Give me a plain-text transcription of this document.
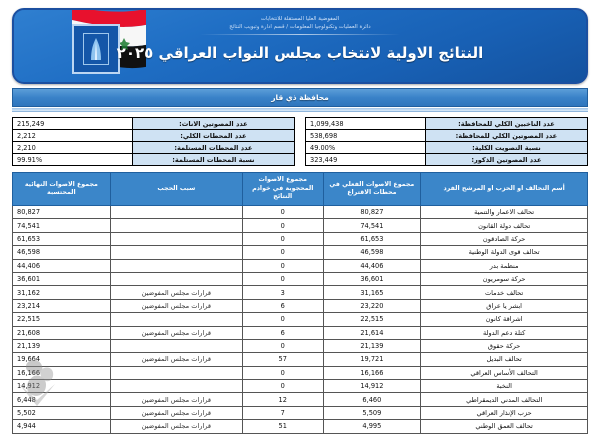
المفوضية العليا المستقلة للانتخابات
دائرة العمليات وتكنولوجيا المعلومات / قسم ادارة وتبويب النتائج
النتائج الاولية لانتخاب مجلس النواب العراقي ٢٠٢٥
محافظة ذي قار
عدد الناخبين الكلي للمحافظة:	1,099,438
عدد المصوتين الكلي للمحافظة:	538,698
نسبة التصويت الكلية:	49.00%
عدد المصوتين الذكور:	323,449
عدد المصوتين الاناث:	215,249
عدد المحطات الكلي:	2,212
عدد المحطات المستلمة:	2,210
نسبة المحطات المستلمة:	99.91%
أسم التحالف او الحزب او المرشح الفرد	مجموع الاصوات الفعلي في محطات الاقتراع	مجموع الاصوات المحجوبة في خوادم النتائج	سبب الحجب	مجموع الاصوات النهائية المحتسبة
تحالف الاعمار والتنمية	80,827	0		80,827
تحالف دولة القانون	74,541	0		74,541
حركة الصادقون	61,653	0		61,653
تحالف قوى الدولة الوطنية	46,598	0		46,598
منظمة بدر	44,406	0		44,406
حركة سومريون	36,601	0		36,601
تحالف خدمات	31,165	3	قرارات مجلس المفوضين	31,162
ابشر يا عراق	23,220	6	قرارات مجلس المفوضين	23,214
اشراقة كانون	22,515	0		22,515
كتلة دعم الدولة	21,614	6	قرارات مجلس المفوضين	21,608
حركة حقوق	21,139	0		21,139
تحالف البديل	19,721	57	قرارات مجلس المفوضين	19,664
التحالف الأساس العراقي	16,166	0		16,166
النخبة	14,912	0		14,912
التحالف المدني الديمقراطي	6,460	12	قرارات مجلس المفوضين	6,448
حزب الإنذار العراقي	5,509	7	قرارات مجلس المفوضين	5,502
تحالف العمق الوطني	4,995	51	قرارات مجلس المفوضين	4,944
